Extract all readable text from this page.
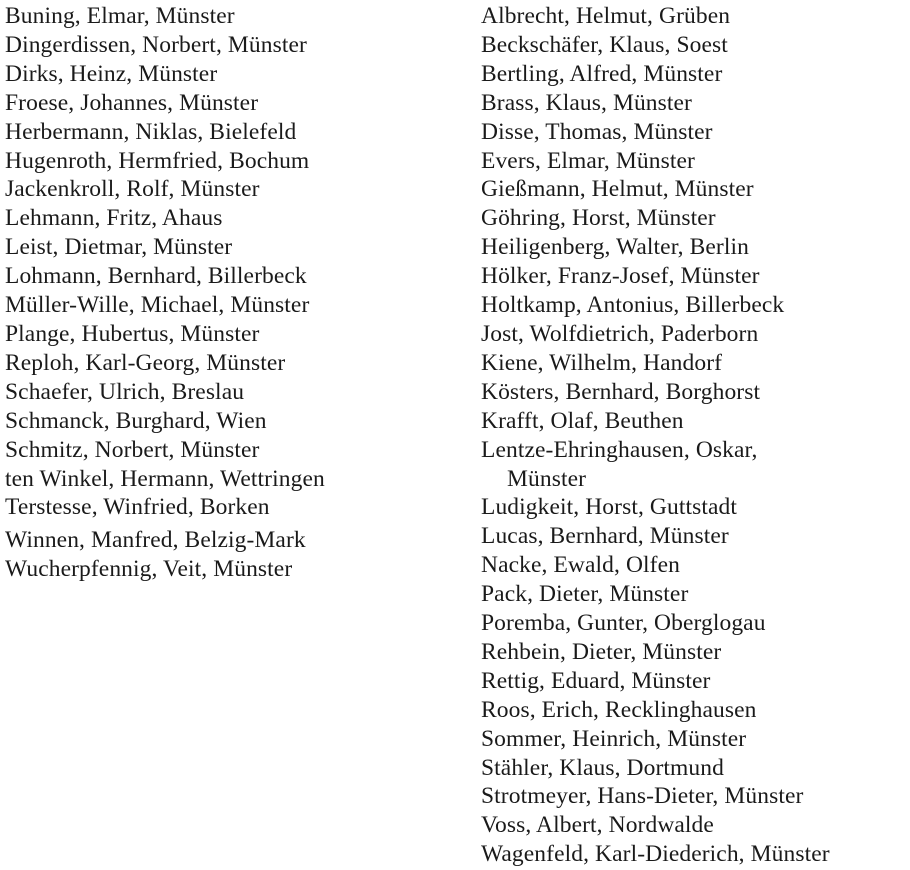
Buning, Elmar, Münster
Dingerdissen, Norbert, Münster
Dirks, Heinz, Münster
Froese, Johannes, Münster
Herbermann, Niklas, Bielefeld
Hugenroth, Hermfried, Bochum
Jackenkroll, Rolf, Münster
Lehmann, Fritz, Ahaus
Leist, Dietmar, Münster
Lohmann, Bernhard, Billerbeck
Müller-Wille, Michael, Münster
Plange, Hubertus, Münster
Reploh, Karl-Georg, Münster
Schaefer, Ulrich, Breslau
Schmanck, Burghard, Wien
Schmitz, Norbert, Münster
ten Winkel, Hermann, Wettringen
Terstesse, Winfried, Borken
Winnen, Manfred, Belzig-Mark
Wucherpfennig, Veit, Münster
Albrecht, Helmut, Grüben
Beckschäfer, Klaus, Soest
Bertling, Alfred, Münster
Brass, Klaus, Münster
Disse, Thomas, Münster
Evers, Elmar, Münster
Gießmann, Helmut, Münster
Göhring, Horst, Münster
Heiligenberg, Walter, Berlin
Hölker, Franz-Josef, Münster
Holtkamp, Antonius, Billerbeck
Jost, Wolfdietrich, Paderborn
Kiene, Wilhelm, Handorf
Kösters, Bernhard, Borghorst
Krafft, Olaf, Beuthen
Lentze-Ehringhausen, Oskar,
Münster
Ludigkeit, Horst, Guttstadt
Lucas, Bernhard, Münster
Nacke, Ewald, Olfen
Pack, Dieter, Münster
Poremba, Gunter, Oberglogau
Rehbein, Dieter, Münster
Rettig, Eduard, Münster
Roos, Erich, Recklinghausen
Sommer, Heinrich, Münster
Stähler, Klaus, Dortmund
Strotmeyer, Hans-Dieter, Münster
Voss, Albert, Nordwalde
Wagenfeld, Karl-Diederich, Münster
